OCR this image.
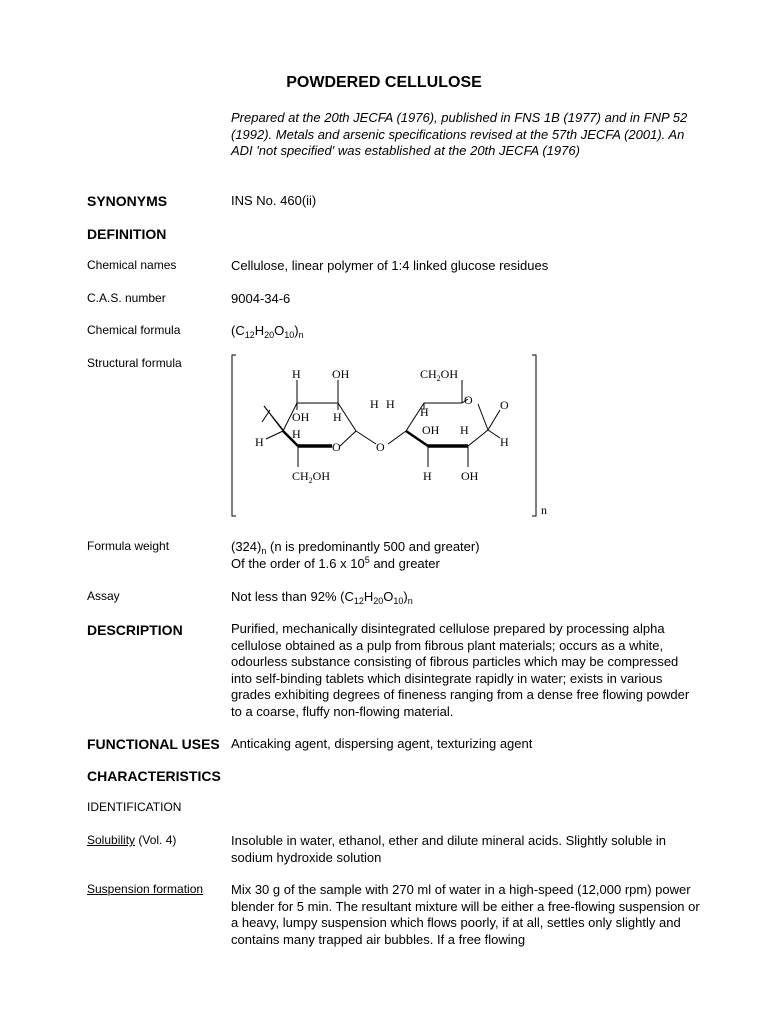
POWDERED CELLULOSE
Prepared at the 20th JECFA (1976), published in FNS 1B (1977) and in FNP 52 (1992). Metals and arsenic specifications revised at the 57th JECFA (2001). An ADI 'not specified' was established at the 20th JECFA (1976)
SYNONYMS	INS No. 460(ii)
DEFINITION
Chemical names	Cellulose, linear polymer of 1:4 linked glucose residues
C.A.S. number	9004-34-6
Chemical formula	$(C_{12}H_{20}O_{10})_n$
Structural formula
H	OH
OH H
H
H	O
$CH_2OH$
O
H H
$CH_2OH$
H
O O
OH H
H
H OH
n
Formula weight	$(324)_n$ (n is predominantly 500 and greater)
Of the order of 1.6 x $10^5$ and greater
Assay	Not less than 92% $(C_{12}H_{20}O_{10})_n$
DESCRIPTION	Purified, mechanically disintegrated cellulose prepared by processing alpha cellulose obtained as a pulp from fibrous plant materials; occurs as a white, odourless substance consisting of fibrous particles which may be compressed into self-binding tablets which disintegrate rapidly in water; exists in various grades exhibiting degrees of fineness ranging from a dense free flowing powder to a coarse, fluffy non-flowing material.
FUNCTIONAL USES Anticaking agent, dispersing agent, texturizing agent
CHARACTERISTICS
IDENTIFICATION
Solubility (Vol. 4)	Insoluble in water, ethanol, ether and dilute mineral acids. Slightly soluble in sodium hydroxide solution
Suspension formation Mix 30 g of the sample with 270 ml of water in a high-speed (12,000 rpm) power blender for 5 min. The resultant mixture will be either a free-flowing suspension or a heavy, lumpy suspension which flows poorly, if at all, settles only slightly and contains many trapped air bubbles. If a free flowing
